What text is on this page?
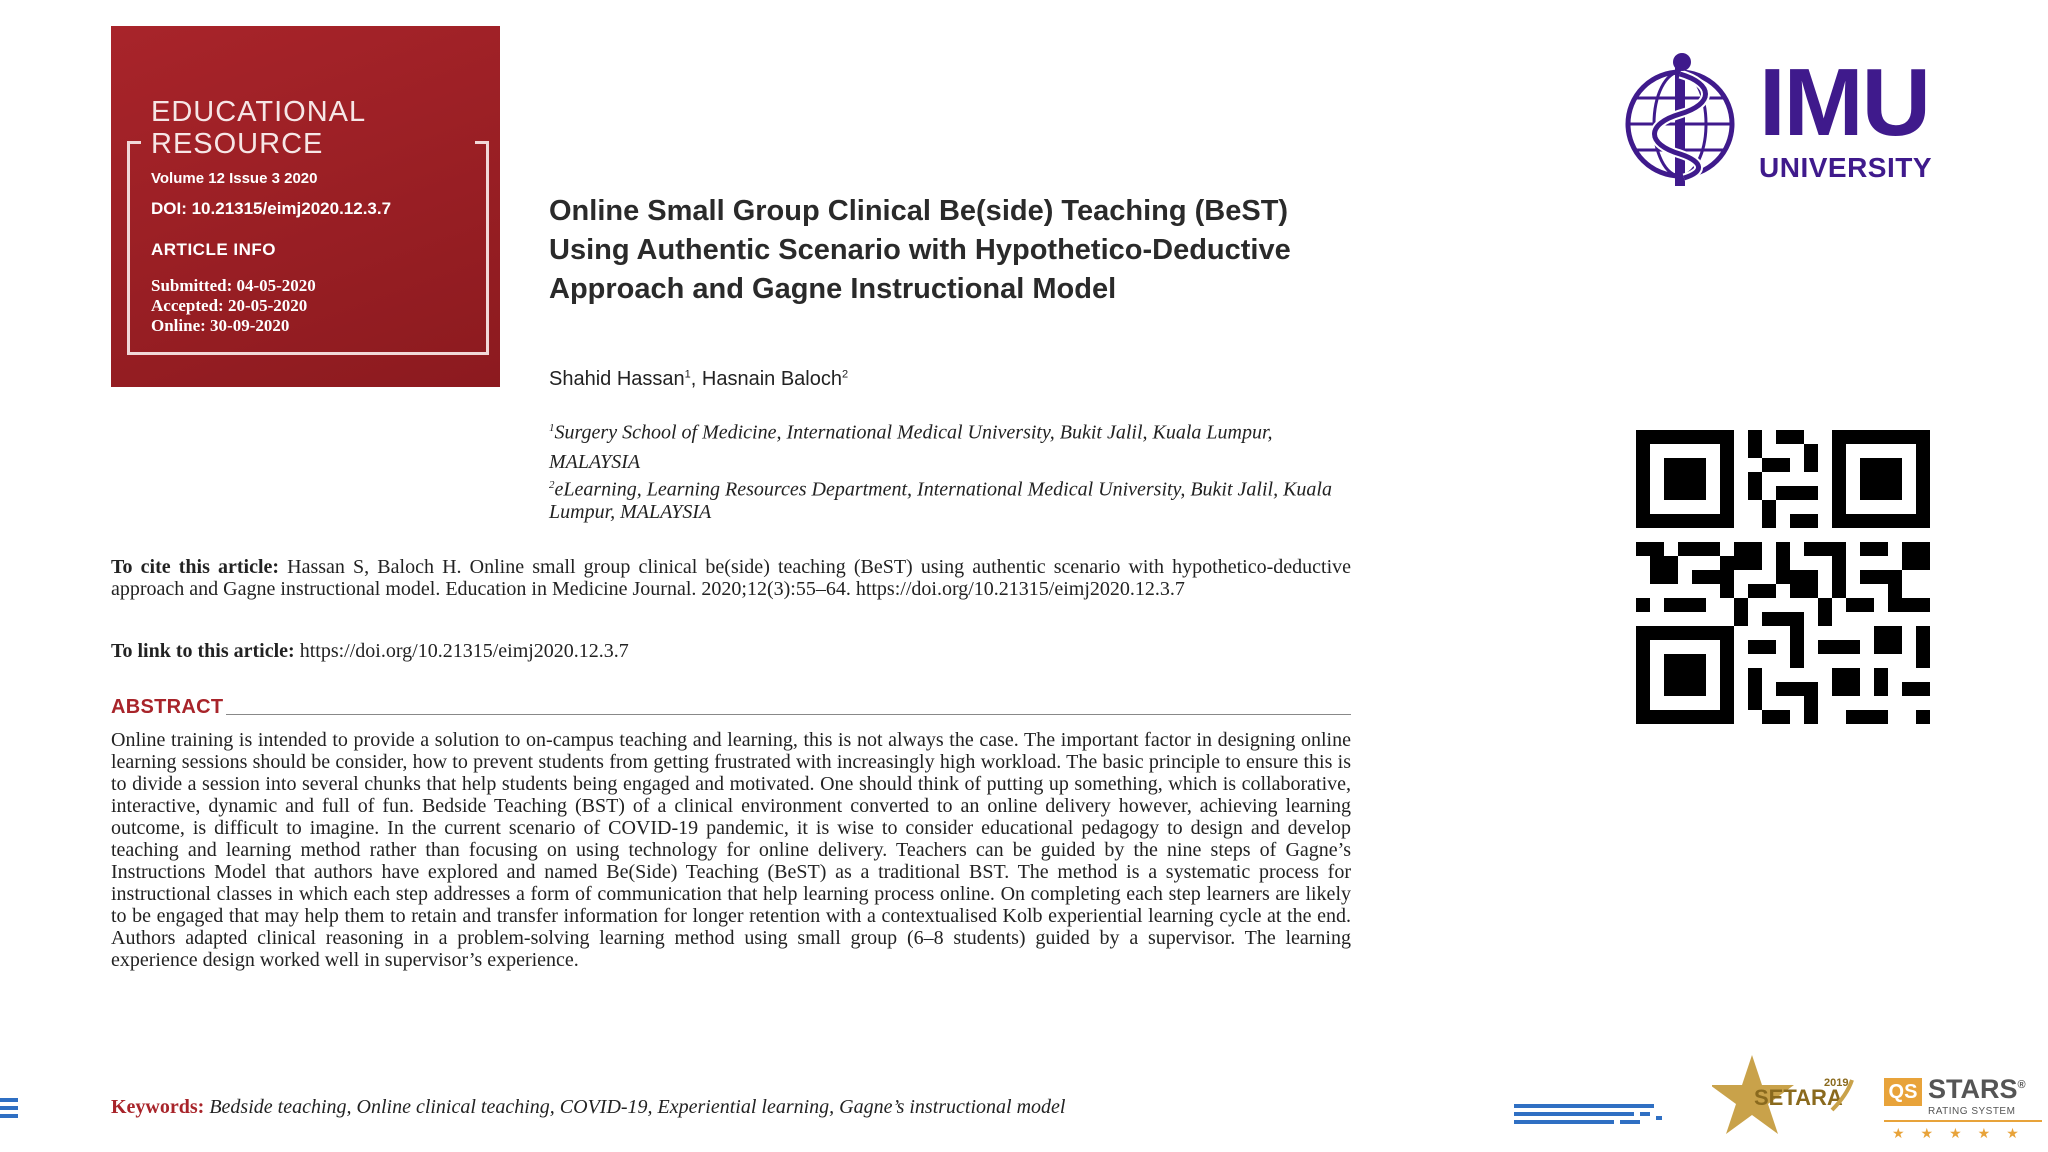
EDUCATIONAL
RESOURCE
Volume 12 Issue 3 2020
DOI: 10.21315/eimj2020.12.3.7
ARTICLE INFO
Submitted: 04-05-2020
Accepted: 20-05-2020
Online: 30-09-2020
Online Small Group Clinical Be(side) Teaching (BeST) Using Authentic Scenario with Hypothetico-Deductive Approach and Gagne Instructional Model
Shahid Hassan$^1$, Hasnain Baloch$^2$
$^1$Surgery School of Medicine, International Medical University, Bukit Jalil, Kuala Lumpur, MALAYSIA
$^2$eLearning, Learning Resources Department, International Medical University, Bukit Jalil, Kuala Lumpur, MALAYSIA
To cite this article: Hassan S, Baloch H. Online small group clinical be(side) teaching (BeST) using authentic scenario with hypothetico-deductive approach and Gagne instructional model. Education in Medicine Journal. 2020;12(3):55–64. https://doi.org/10.21315/eimj2020.12.3.7
To link to this article: https://doi.org/10.21315/eimj2020.12.3.7
ABSTRACT
Online training is intended to provide a solution to on-campus teaching and learning, this is not always the case. The important factor in designing online learning sessions should be consider, how to prevent students from getting frustrated with increasingly high workload. The basic principle to ensure this is to divide a session into several chunks that help students being engaged and motivated. One should think of putting up something, which is collaborative, interactive, dynamic and full of fun. Bedside Teaching (BST) of a clinical environment converted to an online delivery however, achieving learning outcome, is difficult to imagine. In the current scenario of COVID-19 pandemic, it is wise to consider educational pedagogy to design and develop teaching and learning method rather than focusing on using technology for online delivery. Teachers can be guided by the nine steps of Gagne’s Instructions Model that authors have explored and named Be(Side) Teaching (BeST) as a traditional BST. The method is a systematic process for instructional classes in which each step addresses a form of communication that help learning process online. On completing each step learners are likely to be engaged that may help them to retain and transfer information for longer retention with a contextualised Kolb experiential learning cycle at the end. Authors adapted clinical reasoning in a problem-solving learning method using small group (6–8 students) guided by a supervisor. The learning experience design worked well in supervisor’s experience.
Keywords: Bedside teaching, Online clinical teaching, COVID-19, Experiential learning, Gagne’s instructional model
IMU
UNIVERSITY
SETARA
2019 QS STARS®
RATING SYSTEM
★★★★★
